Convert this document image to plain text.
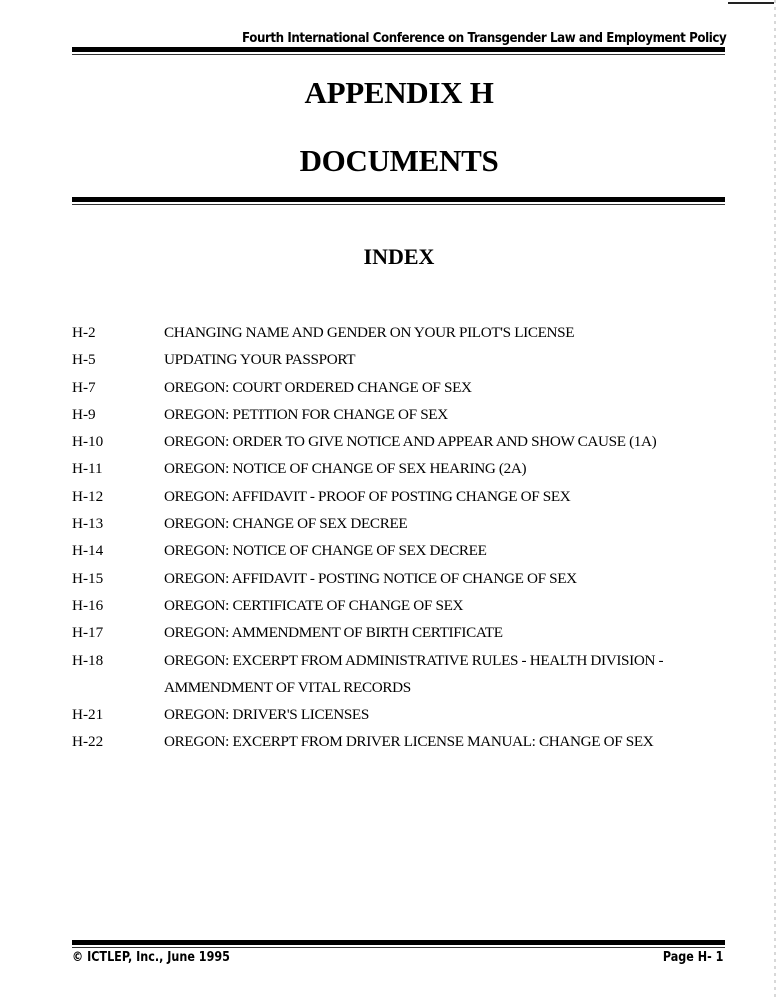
Fourth International Conference on Transgender Law and Employment Policy
APPENDIX H
DOCUMENTS
INDEX
H-2	CHANGING NAME AND GENDER ON YOUR PILOT'S LICENSE
H-5	UPDATING YOUR PASSPORT
H-7	OREGON: COURT ORDERED CHANGE OF SEX
H-9	OREGON: PETITION FOR CHANGE OF SEX
H-10	OREGON: ORDER TO GIVE NOTICE AND APPEAR AND SHOW CAUSE (1A)
H-11	OREGON: NOTICE OF CHANGE OF SEX HEARING (2A)
H-12	OREGON: AFFIDAVIT - PROOF OF POSTING CHANGE OF SEX
H-13	OREGON: CHANGE OF SEX DECREE
H-14	OREGON: NOTICE OF CHANGE OF SEX DECREE
H-15	OREGON: AFFIDAVIT - POSTING NOTICE OF CHANGE OF SEX
H-16	OREGON: CERTIFICATE OF CHANGE OF SEX
H-17	OREGON: AMMENDMENT OF BIRTH CERTIFICATE
H-18	OREGON: EXCERPT FROM ADMINISTRATIVE RULES - HEALTH DIVISION -
AMMENDMENT OF VITAL RECORDS
H-21	OREGON: DRIVER'S LICENSES
H-22	OREGON: EXCERPT FROM DRIVER LICENSE MANUAL: CHANGE OF SEX
© ICTLEP, Inc., June 1995	Page H- 1
